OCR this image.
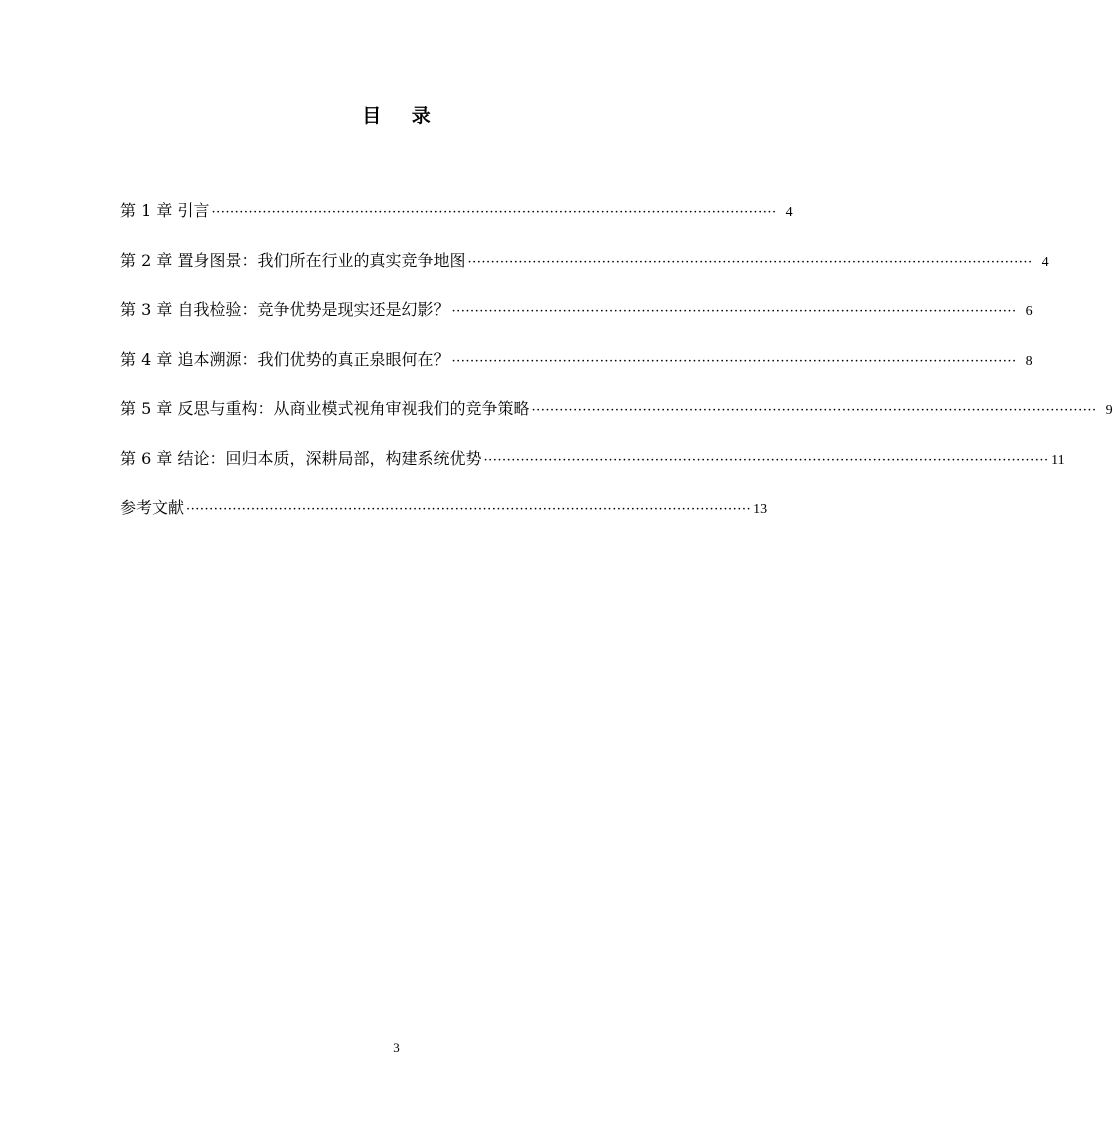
目 录
第 1 章 引言 ·························································································································· 4
第 2 章 置身图景：我们所在行业的真实竞争地图 ·························································································································· 4
第 3 章 自我检验：竞争优势是现实还是幻影？ ·························································································································· 6
第 4 章 追本溯源：我们优势的真正泉眼何在？ ·························································································································· 8
第 5 章 反思与重构：从商业模式视角审视我们的竞争策略 ·························································································································· 9
第 6 章 结论：回归本质，深耕局部，构建系统优势 ·························································································································· 11
参考文献 ·························································································································· 13
3
